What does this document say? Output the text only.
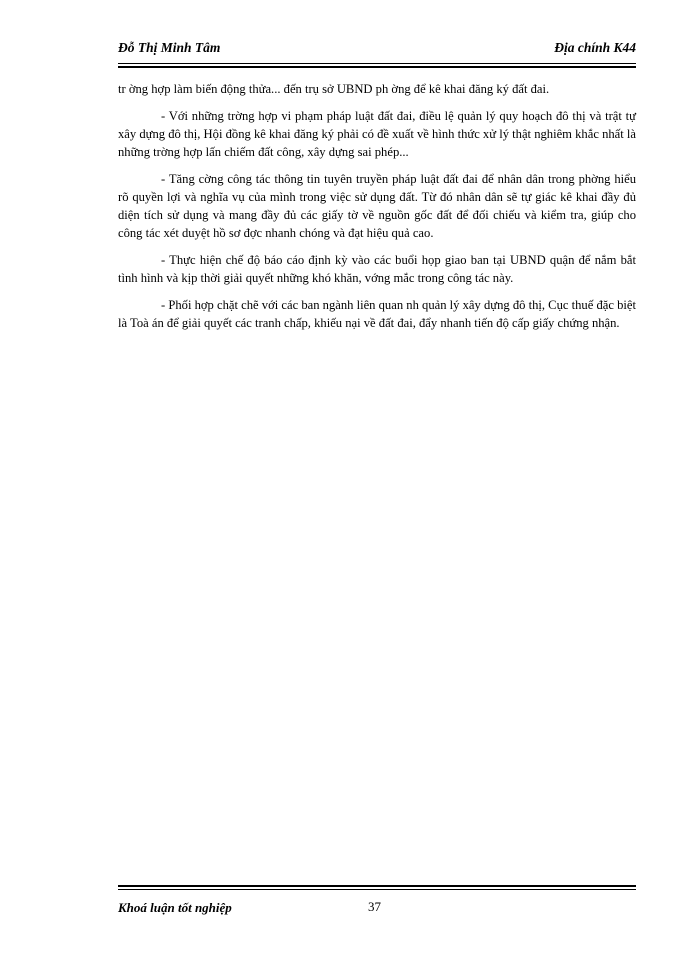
Đỗ Thị Minh Tâm	Địa chính K44

tr ờng hợp làm biến động thửa... đến trụ sở UBND ph ờng để kê khai đăng ký đất đai.

- Với những trờng hợp vi phạm pháp luật đất đai, điều lệ quản lý quy hoạch đô thị và trật tự xây dựng đô thị, Hội đồng kê khai đăng ký phải có đề xuất về hình thức xử lý thật nghiêm khắc nhất là những trờng hợp lấn chiếm đất công, xây dựng sai phép...

- Tăng cờng công tác thông tin tuyên truyền pháp luật đất đai để nhân dân trong phờng hiểu rõ quyền lợi và nghĩa vụ của mình trong việc sử dụng đất. Từ đó nhân dân sẽ tự giác kê khai đầy đủ diện tích sử dụng và mang đầy đủ các giấy tờ về nguồn gốc đất để đối chiếu và kiểm tra, giúp cho công tác xét duyệt hồ sơ đợc nhanh chóng và đạt hiệu quả cao.

- Thực hiện chế độ báo cáo định kỳ vào các buổi họp giao ban tại UBND quận để nắm bắt tình hình và kịp thời giải quyết những khó khăn, vớng mắc trong công tác này.

- Phối hợp chặt chẽ với các ban ngành liên quan nh quản lý xây dựng đô thị, Cục thuế đặc biệt là Toà án để giải quyết các tranh chấp, khiếu nại về đất đai, đẩy nhanh tiến độ cấp giấy chứng nhận.

Khoá luận tốt nghiệp	37
